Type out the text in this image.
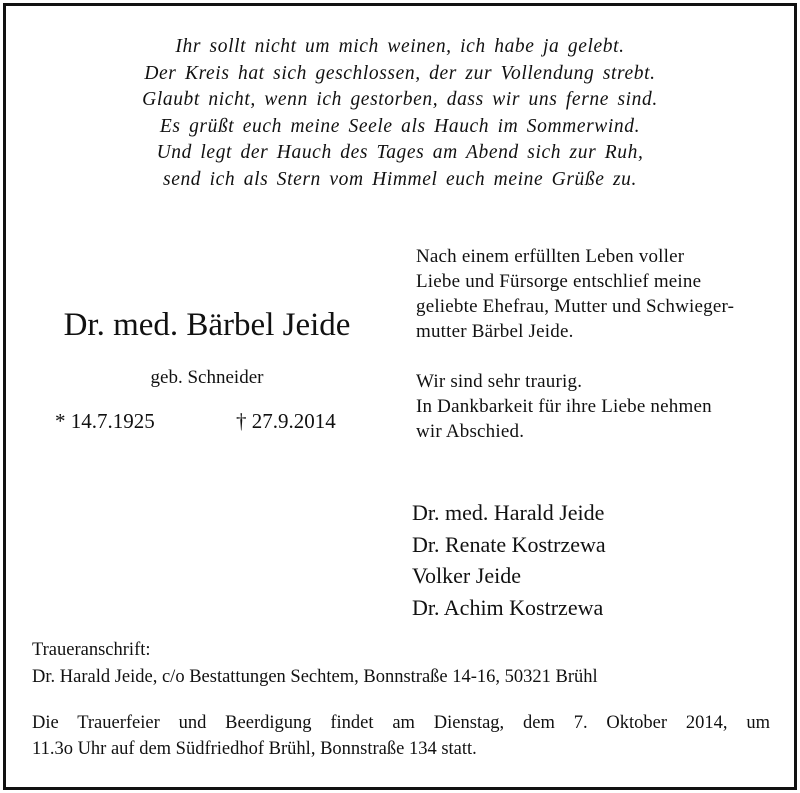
Ihr sollt nicht um mich weinen, ich habe ja gelebt.
Der Kreis hat sich geschlossen, der zur Vollendung strebt.
Glaubt nicht, wenn ich gestorben, dass wir uns ferne sind.
Es grüßt euch meine Seele als Hauch im Sommerwind.
Und legt der Hauch des Tages am Abend sich zur Ruh,
send ich als Stern vom Himmel euch meine Grüße zu.
Dr. med. Bärbel Jeide
geb. Schneider
* 14.7.1925	† 27.9.2014
Nach einem erfüllten Leben voller
Liebe und Fürsorge entschlief meine
geliebte Ehefrau, Mutter und Schwieger-
mutter Bärbel Jeide.
Wir sind sehr traurig.
In Dankbarkeit für ihre Liebe nehmen
wir Abschied.
Dr. med. Harald Jeide
Dr. Renate Kostrzewa
Volker Jeide
Dr. Achim Kostrzewa
Traueranschrift:
Dr. Harald Jeide, c/o Bestattungen Sechtem, Bonnstraße 14-16, 50321 Brühl
Die Trauerfeier und Beerdigung findet am Dienstag, dem 7. Oktober 2014, um
11.3o Uhr auf dem Südfriedhof Brühl, Bonnstraße 134 statt.
